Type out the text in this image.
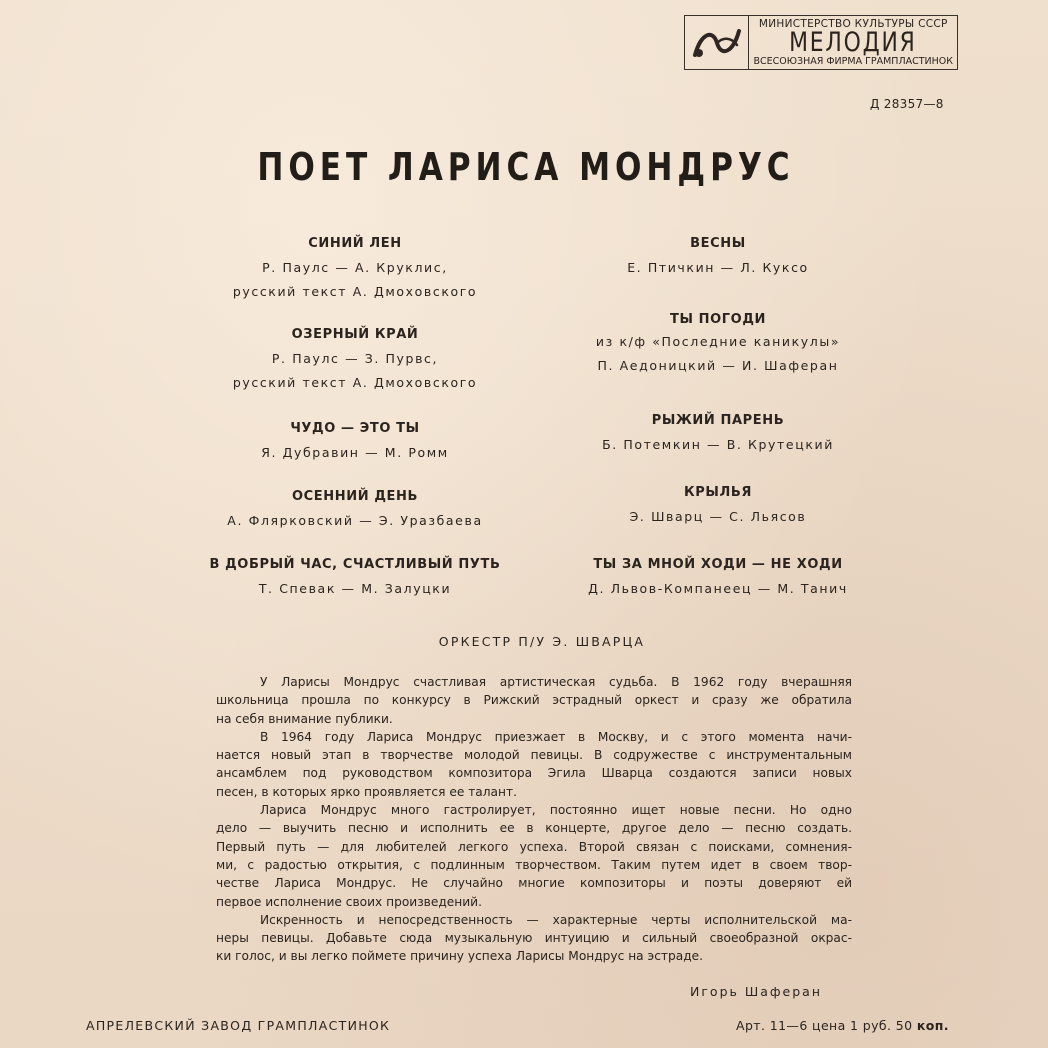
МИНИСТЕРСТВО КУЛЬТУРЫ СССР
МЕЛОДИЯ
ВСЕСОЮЗНАЯ ФИРМА ГРАМПЛАСТИНОК
Д 28357—8
ПОЕТ ЛАРИСА МОНДРУС
СИНИЙ ЛЕН
Р. Паулс — А. Круклис,
русский текст А. Дмоховского
ОЗЕРНЫЙ КРАЙ
Р. Паулс — З. Пурвс,
русский текст А. Дмоховского
ЧУДО — ЭТО ТЫ
Я. Дубравин — М. Ромм
ОСЕННИЙ ДЕНЬ
А. Флярковский — Э. Уразбаева
В ДОБРЫЙ ЧАС, СЧАСТЛИВЫЙ ПУТЬ
Т. Спевак — М. Залуцки
ВЕСНЫ
Е. Птичкин — Л. Куксо
ТЫ ПОГОДИ
из к/ф «Последние каникулы»
П. Аедоницкий — И. Шаферан
РЫЖИЙ ПАРЕНЬ
Б. Потемкин — В. Крутецкий
КРЫЛЬЯ
Э. Шварц — С. Льясов
ТЫ ЗА МНОЙ ХОДИ — НЕ ХОДИ
Д. Львов-Компанеец — М. Танич
ОРКЕСТР П/У Э. ШВАРЦА
У Ларисы Мондрус счастливая артистическая судьба. В 1962 году вчерашняя
школьница прошла по конкурсу в Рижский эстрадный оркест и сразу же обратила
на себя внимание публики.
В 1964 году Лариса Мондрус приезжает в Москву, и с этого момента начи-
нается новый этап в творчестве молодой певицы. В содружестве с инструментальным
ансамблем под руководством композитора Эгила Шварца создаются записи новых
песен, в которых ярко проявляется ее талант.
Лариса Мондрус много гастролирует, постоянно ищет новые песни. Но одно
дело — выучить песню и исполнить ее в концерте, другое дело — песню создать.
Первый путь — для любителей легкого успеха. Второй связан с поисками, сомнения-
ми, с радостью открытия, с подлинным творчеством. Таким путем идет в своем твор-
честве Лариса Мондрус. Не случайно многие композиторы и поэты доверяют ей
первое исполнение своих произведений.
Искренность и непосредственность — характерные черты исполнительской ма-
неры певицы. Добавьте сюда музыкальную интуицию и сильный своеобразной окрас-
ки голос, и вы легко поймете причину успеха Ларисы Мондрус на эстраде.
Игорь Шаферан
АПРЕЛЕВСКИЙ ЗАВОД ГРАМПЛАСТИНОК	Арт. 11—6 цена 1 руб. 50 коп.
